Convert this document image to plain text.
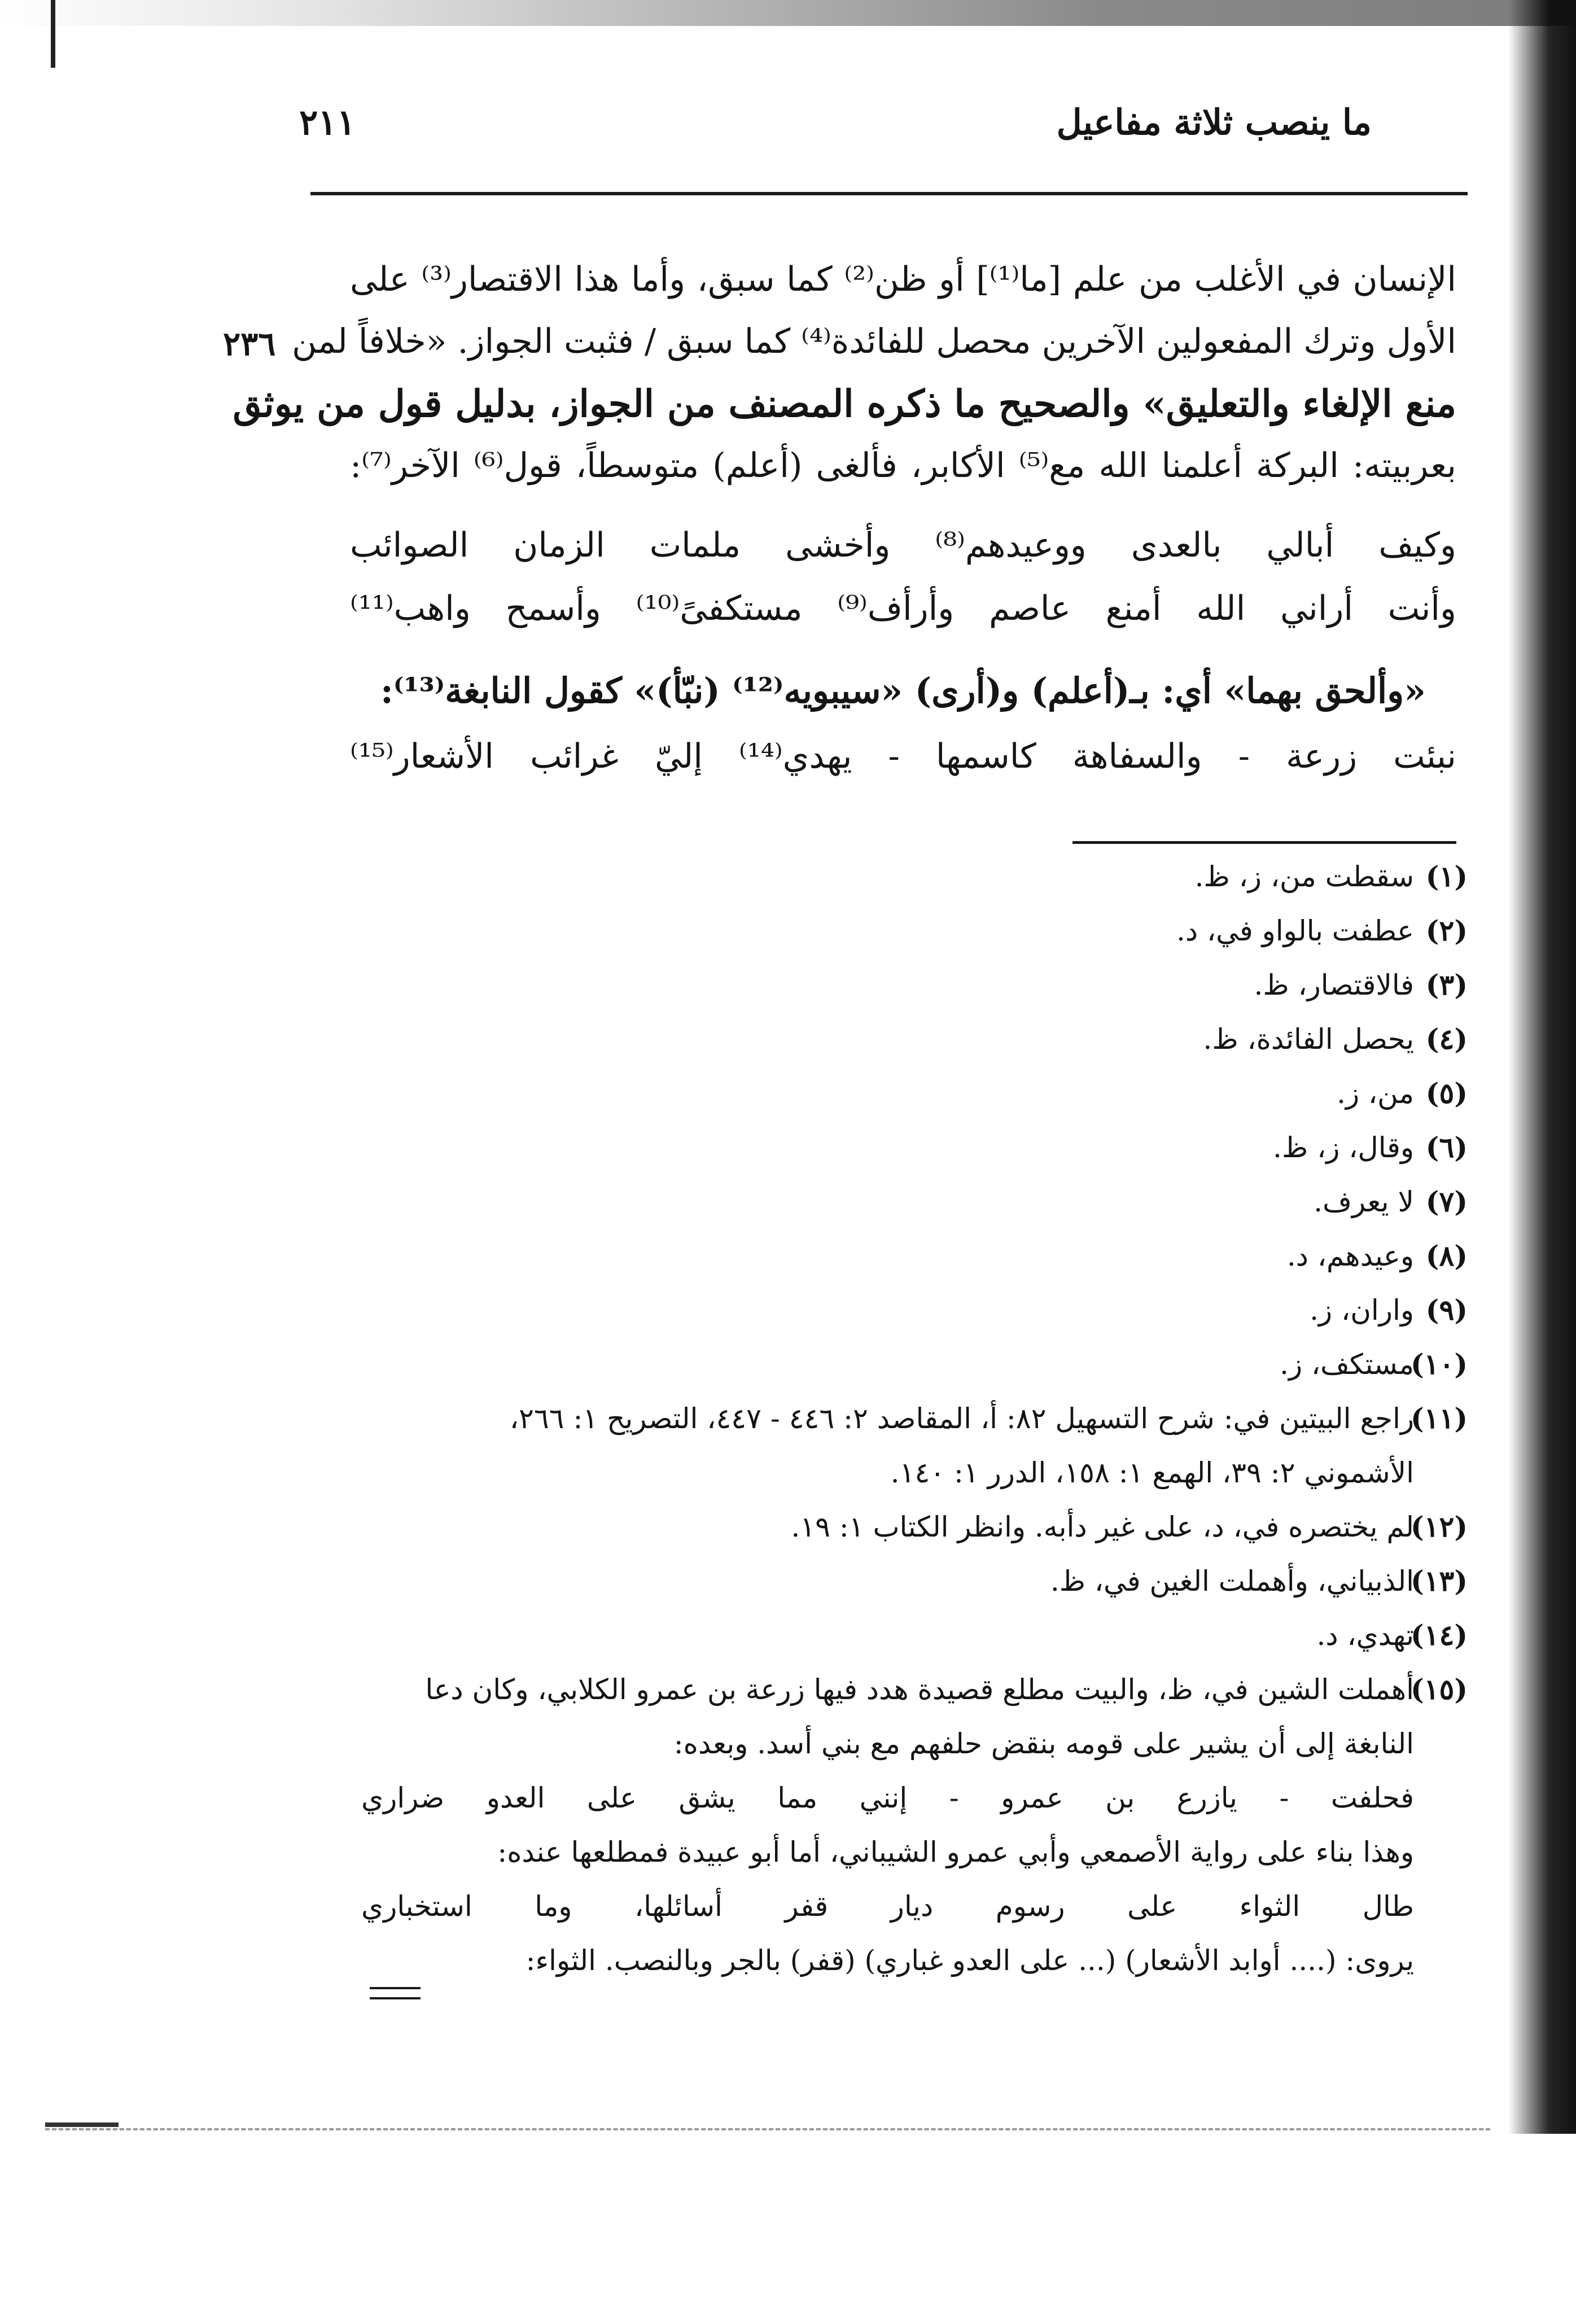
٢١١	ما ينصب ثلاثة مفاعيل
٢٣٦
الإنسان في الأغلب من علم [ما⁽¹⁾] أو ظن⁽²⁾ كما سبق، وأما هذا الاقتصار⁽³⁾ على
الأول وترك المفعولين الآخرين محصل للفائدة⁽⁴⁾ كما سبق / فثبت الجواز. «خلافاً لمن
منع الإلغاء والتعليق» والصحيح ما ذكره المصنف من الجواز، بدليل قول من يوثق
بعربيته: البركة أعلمنا الله مع⁽⁵⁾ الأكابر، فألغى (أعلم) متوسطاً، قول⁽⁶⁾ الآخر⁽⁷⁾:
وكيف أبالي بالعدى ووعيدهم⁽⁸⁾ وأخشى ملمات الزمان الصوائب
وأنت أراني الله أمنع عاصم وأرأف⁽⁹⁾ مستكفىً⁽¹⁰⁾ وأسمح واهب⁽¹¹⁾
«وألحق بهما» أي: بـ(أعلم) و(أرى) «سيبويه⁽¹²⁾ (نبّأ)» كقول النابغة⁽¹³⁾:
نبئت زرعة - والسفاهة كاسمها - يهدي⁽¹⁴⁾ إليّ غرائب الأشعار⁽¹⁵⁾
(١)سقطت من، ز، ظ.
(٢)عطفت بالواو في، د.
(٣)فالاقتصار، ظ.
(٤)يحصل الفائدة، ظ.
(٥)من، ز.
(٦)وقال، ز، ظ.
(٧)لا يعرف.
(٨)وعيدهم، د.
(٩)واران، ز.
(١٠)مستكف، ز.
(١١)راجع البيتين في: شرح التسهيل ٨٢: أ، المقاصد ٢: ٤٤٦ - ٤٤٧، التصريح ١: ٢٦٦،
الأشموني ٢: ٣٩، الهمع ١: ١٥٨، الدرر ١: ١٤٠.
(١٢)لم يختصره في، د، على غير دأبه. وانظر الكتاب ١: ١٩.
(١٣)الذبياني، وأهملت الغين في، ظ.
(١٤)تهدي، د.
(١٥)أهملت الشين في، ظ، والبيت مطلع قصيدة هدد فيها زرعة بن عمرو الكلابي، وكان دعا
النابغة إلى أن يشير على قومه بنقض حلفهم مع بني أسد. وبعده:
فحلفت - يازرع بن عمرو - إنني مما يشق على العدو ضراري
وهذا بناء على رواية الأصمعي وأبي عمرو الشيباني، أما أبو عبيدة فمطلعها عنده:
طال الثواء على رسوم ديار قفر أسائلها، وما استخباري
يروى: (.... أوابد الأشعار) (... على العدو غباري) (قفر) بالجر وبالنصب. الثواء:
